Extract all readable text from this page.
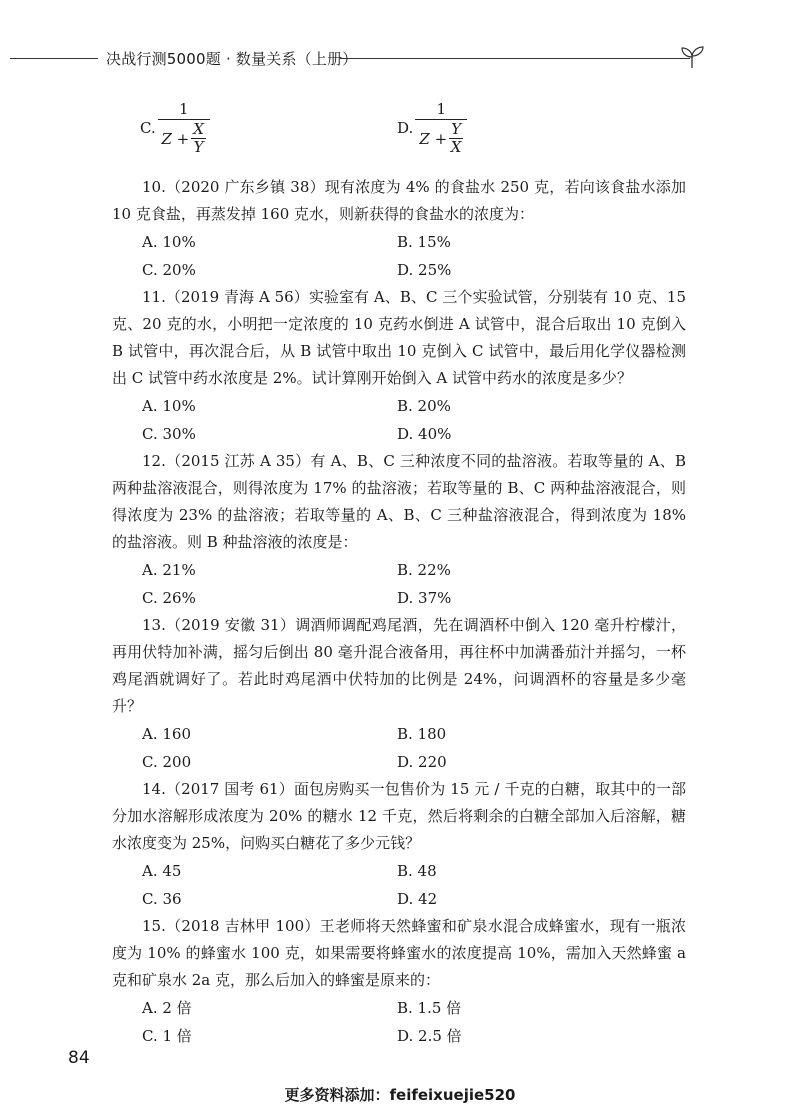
决战行测5000题 · 数量关系（上册）
C. $\frac{1}{Z + \frac{X}{Y}}$	D. $\frac{1}{Z + \frac{Y}{X}}$

10.（2020 广东乡镇 38）现有浓度为 4% 的食盐水 250 克，若向该食盐水添加 10 克食盐，再蒸发掉 160 克水，则新获得的食盐水的浓度为：

A. 10%	B. 15%
C. 20%	D. 25%

11.（2019 青海 A 56）实验室有 A、B、C 三个实验试管，分别装有 10 克、15 克、20 克的水，小明把一定浓度的 10 克药水倒进 A 试管中，混合后取出 10 克倒入 B 试管中，再次混合后，从 B 试管中取出 10 克倒入 C 试管中，最后用化学仪器检测出 C 试管中药水浓度是 2%。试计算刚开始倒入 A 试管中药水的浓度是多少？

A. 10%	B. 20%
C. 30%	D. 40%

12.（2015 江苏 A 35）有 A、B、C 三种浓度不同的盐溶液。若取等量的 A、B 两种盐溶液混合，则得浓度为 17% 的盐溶液；若取等量的 B、C 两种盐溶液混合，则得浓度为 23% 的盐溶液；若取等量的 A、B、C 三种盐溶液混合，得到浓度为 18% 的盐溶液。则 B 种盐溶液的浓度是：

A. 21%	B. 22%
C. 26%	D. 37%

13.（2019 安徽 31）调酒师调配鸡尾酒，先在调酒杯中倒入 120 毫升柠檬汁，再用伏特加补满，摇匀后倒出 80 毫升混合液备用，再往杯中加满番茄汁并摇匀，一杯鸡尾酒就调好了。若此时鸡尾酒中伏特加的比例是 24%，问调酒杯的容量是多少毫升？

A. 160	B. 180
C. 200	D. 220

14.（2017 国考 61）面包房购买一包售价为 15 元 / 千克的白糖，取其中的一部分加水溶解形成浓度为 20% 的糖水 12 千克，然后将剩余的白糖全部加入后溶解，糖水浓度变为 25%，问购买白糖花了多少元钱？

A. 45	B. 48
C. 36	D. 42

15.（2018 吉林甲 100）王老师将天然蜂蜜和矿泉水混合成蜂蜜水，现有一瓶浓度为 10% 的蜂蜜水 100 克，如果需要将蜂蜜水的浓度提高 10%，需加入天然蜂蜜 a 克和矿泉水 2a 克，那么后加入的蜂蜜是原来的：

A. 2 倍	B. 1.5 倍
C. 1 倍	D. 2.5 倍
84
更多资料添加：feifeixuejie520
